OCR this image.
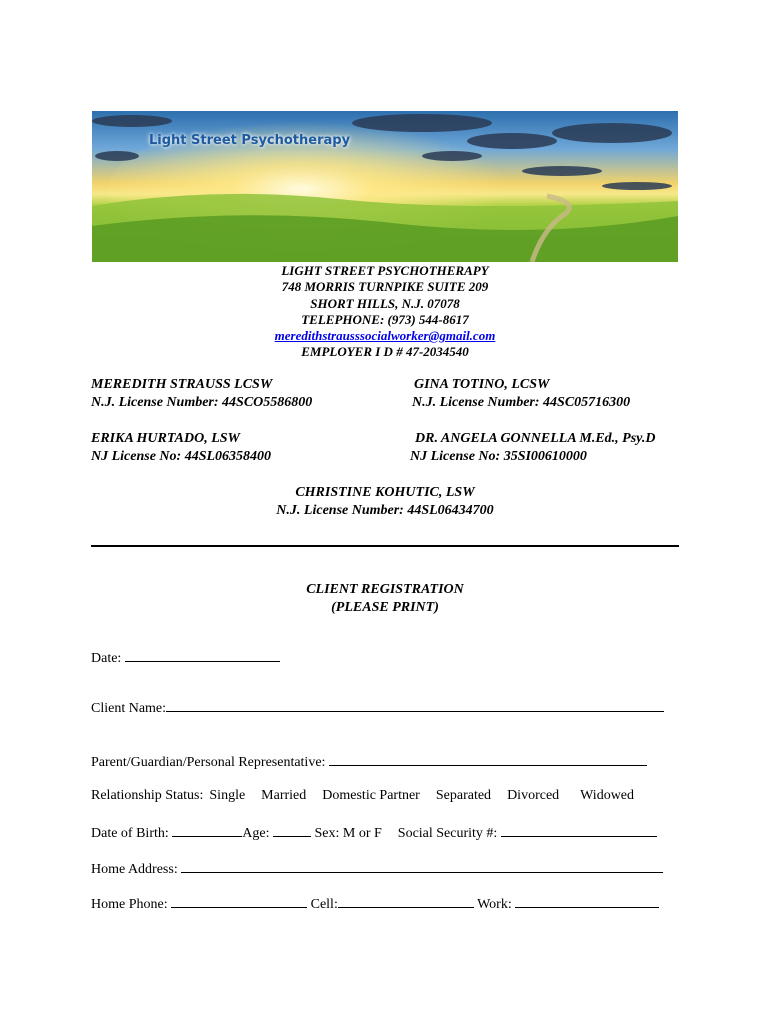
Light Street Psychotherapy
LIGHT STREET PSYCHOTHERAPY
748 MORRIS TURNPIKE SUITE 209
SHORT HILLS, N.J. 07078
TELEPHONE: (973) 544-8617
meredithstrausssocialworker@gmail.com
EMPLOYER I D # 47-2034540
MEREDITH STRAUSS LCSW
N.J. License Number: 44SCO5586800
GINA TOTINO, LCSW
N.J. License Number: 44SC05716300
ERIKA HURTADO, LSW
NJ License No: 44SL06358400
DR. ANGELA GONNELLA M.Ed., Psy.D
NJ License No: 35SI00610000
CHRISTINE KOHUTIC, LSW
N.J. License Number: 44SL06434700
CLIENT REGISTRATION
(PLEASE PRINT)
Date:
Client Name:
Parent/Guardian/Personal Representative:
Relationship Status: Single Married Domestic Partner Separated Divorced Widowed
Date of Birth:	Age:	Sex: M or F Social Security #:
Home Address:
Home Phone:	Cell:	Work:
